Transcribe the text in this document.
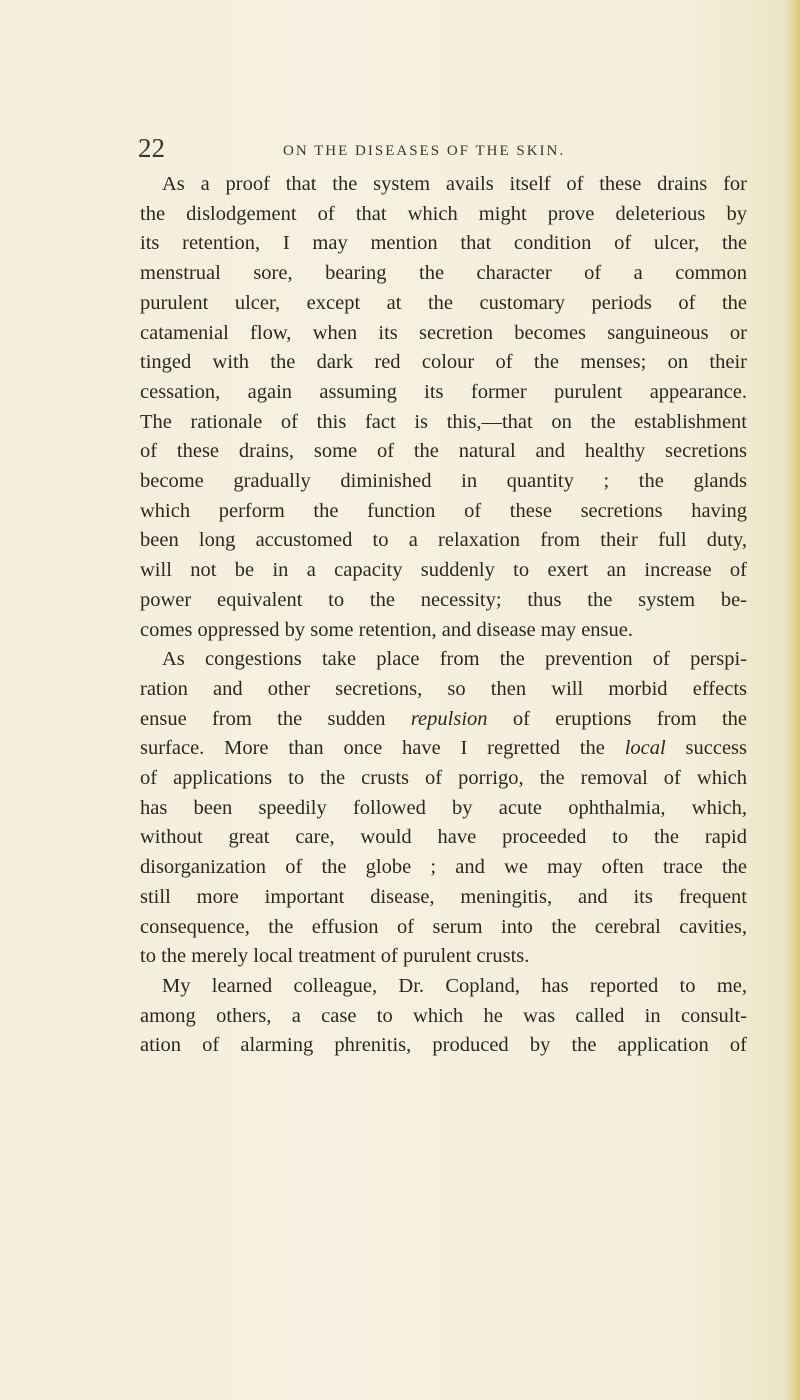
22	ON THE DISEASES OF THE SKIN.
As a proof that the system avails itself of these drains for
the dislodgement of that which might prove deleterious by
its retention, I may mention that condition of ulcer, the
menstrual sore, bearing the character of a common
purulent ulcer, except at the customary periods of the
catamenial flow, when its secretion becomes sanguineous or
tinged with the dark red colour of the menses; on their
cessation, again assuming its former purulent appearance.
The rationale of this fact is this,—that on the establishment
of these drains, some of the natural and healthy secretions
become gradually diminished in quantity ; the glands
which perform the function of these secretions having
been long accustomed to a relaxation from their full duty,
will not be in a capacity suddenly to exert an increase of
power equivalent to the necessity; thus the system be-
comes oppressed by some retention, and disease may ensue.
As congestions take place from the prevention of perspi-
ration and other secretions, so then will morbid effects
ensue from the sudden repulsion of eruptions from the
surface. More than once have I regretted the local success
of applications to the crusts of porrigo, the removal of which
has been speedily followed by acute ophthalmia, which,
without great care, would have proceeded to the rapid
disorganization of the globe ; and we may often trace the
still more important disease, meningitis, and its frequent
consequence, the effusion of serum into the cerebral cavities,
to the merely local treatment of purulent crusts.
My learned colleague, Dr. Copland, has reported to me,
among others, a case to which he was called in consult-
ation of alarming phrenitis, produced by the application of
